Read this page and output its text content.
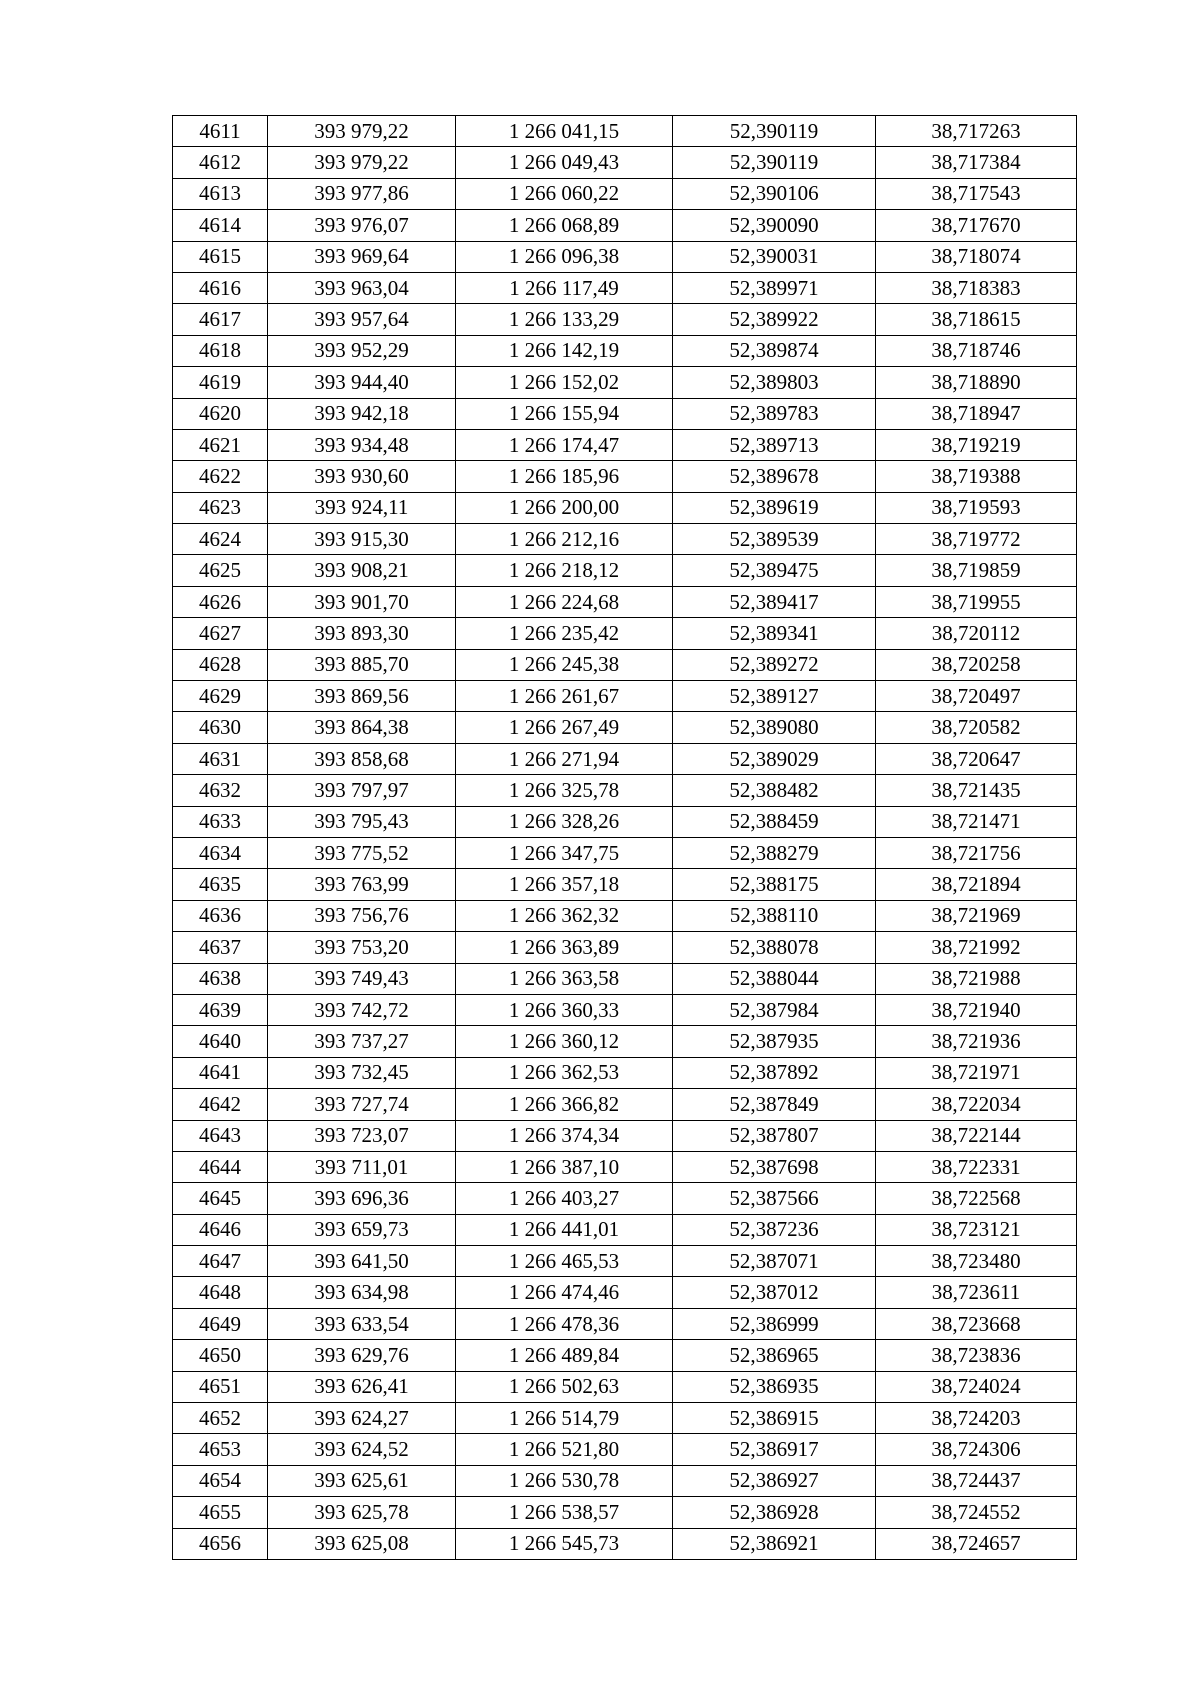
4611	393 979,22	1 266 041,15	52,390119	38,717263
4612	393 979,22	1 266 049,43	52,390119	38,717384
4613	393 977,86	1 266 060,22	52,390106	38,717543
4614	393 976,07	1 266 068,89	52,390090	38,717670
4615	393 969,64	1 266 096,38	52,390031	38,718074
4616	393 963,04	1 266 117,49	52,389971	38,718383
4617	393 957,64	1 266 133,29	52,389922	38,718615
4618	393 952,29	1 266 142,19	52,389874	38,718746
4619	393 944,40	1 266 152,02	52,389803	38,718890
4620	393 942,18	1 266 155,94	52,389783	38,718947
4621	393 934,48	1 266 174,47	52,389713	38,719219
4622	393 930,60	1 266 185,96	52,389678	38,719388
4623	393 924,11	1 266 200,00	52,389619	38,719593
4624	393 915,30	1 266 212,16	52,389539	38,719772
4625	393 908,21	1 266 218,12	52,389475	38,719859
4626	393 901,70	1 266 224,68	52,389417	38,719955
4627	393 893,30	1 266 235,42	52,389341	38,720112
4628	393 885,70	1 266 245,38	52,389272	38,720258
4629	393 869,56	1 266 261,67	52,389127	38,720497
4630	393 864,38	1 266 267,49	52,389080	38,720582
4631	393 858,68	1 266 271,94	52,389029	38,720647
4632	393 797,97	1 266 325,78	52,388482	38,721435
4633	393 795,43	1 266 328,26	52,388459	38,721471
4634	393 775,52	1 266 347,75	52,388279	38,721756
4635	393 763,99	1 266 357,18	52,388175	38,721894
4636	393 756,76	1 266 362,32	52,388110	38,721969
4637	393 753,20	1 266 363,89	52,388078	38,721992
4638	393 749,43	1 266 363,58	52,388044	38,721988
4639	393 742,72	1 266 360,33	52,387984	38,721940
4640	393 737,27	1 266 360,12	52,387935	38,721936
4641	393 732,45	1 266 362,53	52,387892	38,721971
4642	393 727,74	1 266 366,82	52,387849	38,722034
4643	393 723,07	1 266 374,34	52,387807	38,722144
4644	393 711,01	1 266 387,10	52,387698	38,722331
4645	393 696,36	1 266 403,27	52,387566	38,722568
4646	393 659,73	1 266 441,01	52,387236	38,723121
4647	393 641,50	1 266 465,53	52,387071	38,723480
4648	393 634,98	1 266 474,46	52,387012	38,723611
4649	393 633,54	1 266 478,36	52,386999	38,723668
4650	393 629,76	1 266 489,84	52,386965	38,723836
4651	393 626,41	1 266 502,63	52,386935	38,724024
4652	393 624,27	1 266 514,79	52,386915	38,724203
4653	393 624,52	1 266 521,80	52,386917	38,724306
4654	393 625,61	1 266 530,78	52,386927	38,724437
4655	393 625,78	1 266 538,57	52,386928	38,724552
4656	393 625,08	1 266 545,73	52,386921	38,724657
